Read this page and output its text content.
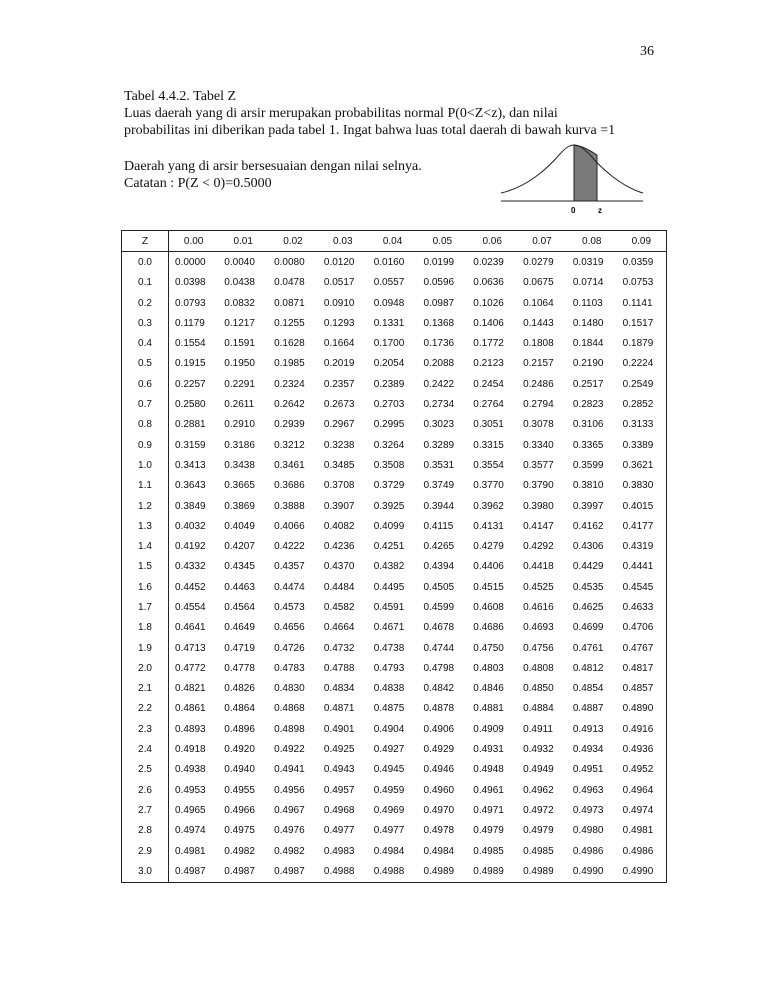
36
Tabel 4.4.2. Tabel Z
Luas daerah yang di arsir merupakan probabilitas normal P(0<Z<z), dan nilai
probabilitas ini diberikan pada tabel 1. Ingat bahwa luas total daerah di bawah kurva =1
Daerah yang di arsir bersesuaian dengan nilai selnya.
Catatan : P(Z < 0)=0.5000
0	z
Z	0.00	0.01	0.02	0.03	0.04	0.05	0.06	0.07	0.08	0.09
0.0	0.0000	0.0040	0.0080	0.0120	0.0160	0.0199	0.0239	0.0279	0.0319	0.0359
0.1	0.0398	0.0438	0.0478	0.0517	0.0557	0.0596	0.0636	0.0675	0.0714	0.0753
0.2	0.0793	0.0832	0.0871	0.0910	0.0948	0.0987	0.1026	0.1064	0.1103	0.1141
0.3	0.1179	0.1217	0.1255	0.1293	0.1331	0.1368	0.1406	0.1443	0.1480	0.1517
0.4	0.1554	0.1591	0.1628	0.1664	0.1700	0.1736	0.1772	0.1808	0.1844	0.1879
0.5	0.1915	0.1950	0.1985	0.2019	0.2054	0.2088	0.2123	0.2157	0.2190	0.2224
0.6	0.2257	0.2291	0.2324	0.2357	0.2389	0.2422	0.2454	0.2486	0.2517	0.2549
0.7	0.2580	0.2611	0.2642	0.2673	0.2703	0.2734	0.2764	0.2794	0.2823	0.2852
0.8	0.2881	0.2910	0.2939	0.2967	0.2995	0.3023	0.3051	0.3078	0.3106	0.3133
0.9	0.3159	0.3186	0.3212	0.3238	0.3264	0.3289	0.3315	0.3340	0.3365	0.3389
1.0	0.3413	0.3438	0.3461	0.3485	0.3508	0.3531	0.3554	0.3577	0.3599	0.3621
1.1	0.3643	0.3665	0.3686	0.3708	0.3729	0.3749	0.3770	0.3790	0.3810	0.3830
1.2	0.3849	0.3869	0.3888	0.3907	0.3925	0.3944	0.3962	0.3980	0.3997	0.4015
1.3	0.4032	0.4049	0.4066	0.4082	0.4099	0.4115	0.4131	0.4147	0.4162	0.4177
1.4	0.4192	0.4207	0.4222	0.4236	0.4251	0.4265	0.4279	0.4292	0.4306	0.4319
1.5	0.4332	0.4345	0.4357	0.4370	0.4382	0.4394	0.4406	0.4418	0.4429	0.4441
1.6	0.4452	0.4463	0.4474	0.4484	0.4495	0.4505	0.4515	0.4525	0.4535	0.4545
1.7	0.4554	0.4564	0.4573	0.4582	0.4591	0.4599	0.4608	0.4616	0.4625	0.4633
1.8	0.4641	0.4649	0.4656	0.4664	0.4671	0.4678	0.4686	0.4693	0.4699	0.4706
1.9	0.4713	0.4719	0.4726	0.4732	0.4738	0.4744	0.4750	0.4756	0.4761	0.4767
2.0	0.4772	0.4778	0.4783	0.4788	0.4793	0.4798	0.4803	0.4808	0.4812	0.4817
2.1	0.4821	0.4826	0.4830	0.4834	0.4838	0.4842	0.4846	0.4850	0.4854	0.4857
2.2	0.4861	0.4864	0.4868	0.4871	0.4875	0.4878	0.4881	0.4884	0.4887	0.4890
2.3	0.4893	0.4896	0.4898	0.4901	0.4904	0.4906	0.4909	0.4911	0.4913	0.4916
2.4	0.4918	0.4920	0.4922	0.4925	0.4927	0.4929	0.4931	0.4932	0.4934	0.4936
2.5	0.4938	0.4940	0.4941	0.4943	0.4945	0.4946	0.4948	0.4949	0.4951	0.4952
2.6	0.4953	0.4955	0.4956	0.4957	0.4959	0.4960	0.4961	0.4962	0.4963	0.4964
2.7	0.4965	0.4966	0.4967	0.4968	0.4969	0.4970	0.4971	0.4972	0.4973	0.4974
2.8	0.4974	0.4975	0.4976	0.4977	0.4977	0.4978	0.4979	0.4979	0.4980	0.4981
2.9	0.4981	0.4982	0.4982	0.4983	0.4984	0.4984	0.4985	0.4985	0.4986	0.4986
3.0	0.4987	0.4987	0.4987	0.4988	0.4988	0.4989	0.4989	0.4989	0.4990	0.4990
